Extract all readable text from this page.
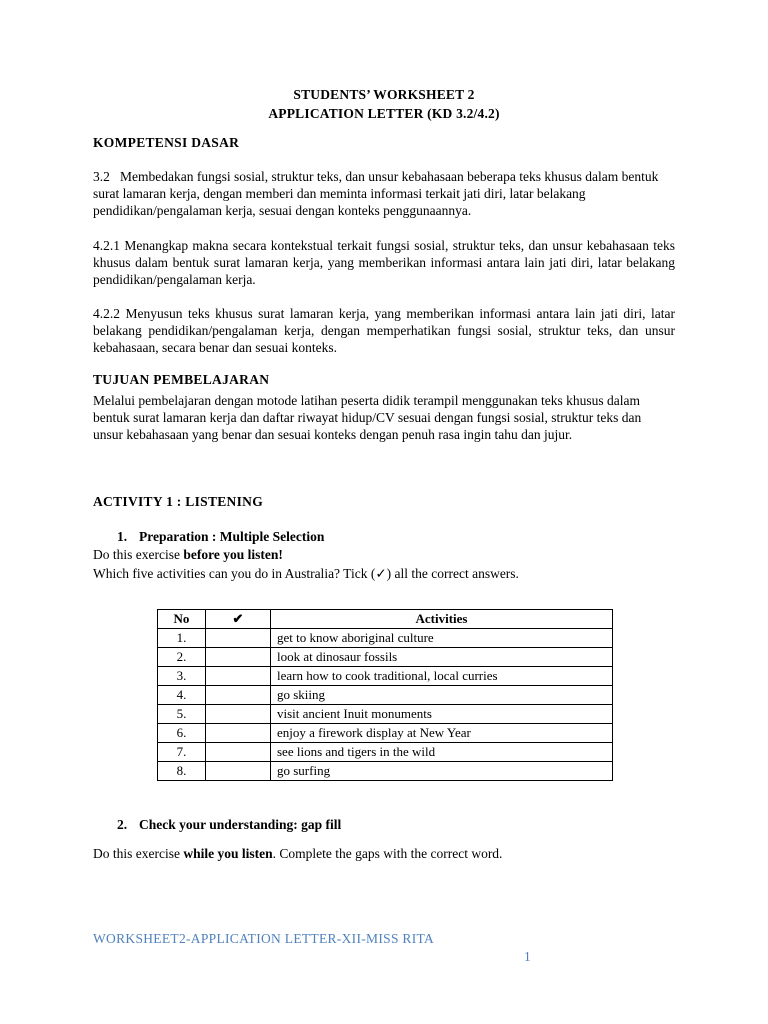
STUDENTS’ WORKSHEET 2
APPLICATION LETTER (KD 3.2/4.2)
KOMPETENSI DASAR
3.2   Membedakan fungsi sosial, struktur teks, dan unsur kebahasaan beberapa teks khusus dalam bentuk surat lamaran kerja, dengan memberi dan meminta informasi terkait jati diri, latar belakang pendidikan/pengalaman kerja, sesuai dengan konteks penggunaannya.
4.2.1 Menangkap makna secara kontekstual terkait fungsi sosial, struktur teks, dan unsur kebahasaan teks khusus dalam bentuk surat lamaran kerja, yang memberikan informasi antara lain jati diri, latar belakang pendidikan/pengalaman kerja.
4.2.2 Menyusun teks khusus surat lamaran kerja, yang memberikan informasi antara lain jati diri, latar belakang pendidikan/pengalaman kerja, dengan memperhatikan fungsi sosial, struktur teks, dan unsur kebahasaan, secara benar dan sesuai konteks.
TUJUAN PEMBELAJARAN
Melalui pembelajaran dengan motode latihan peserta didik terampil menggunakan teks khusus dalam bentuk surat lamaran kerja dan daftar riwayat hidup/CV sesuai dengan fungsi sosial, struktur teks dan unsur kebahasaan yang benar dan sesuai konteks dengan penuh rasa ingin tahu dan jujur.
ACTIVITY 1 : LISTENING
1. Preparation : Multiple Selection
Do this exercise before you listen!
Which five activities can you do in Australia? Tick (✓) all the correct answers.
No	✔	Activities
1.		get to know aboriginal culture
2.		look at dinosaur fossils
3.		learn how to cook traditional, local curries
4.		go skiing
5.		visit ancient Inuit monuments
6.		enjoy a firework display at New Year
7.		see lions and tigers in the wild
8.		go surfing
2. Check your understanding: gap fill
Do this exercise while you listen. Complete the gaps with the correct word.
WORKSHEET2-APPLICATION LETTER-XII-MISS RITA
1
